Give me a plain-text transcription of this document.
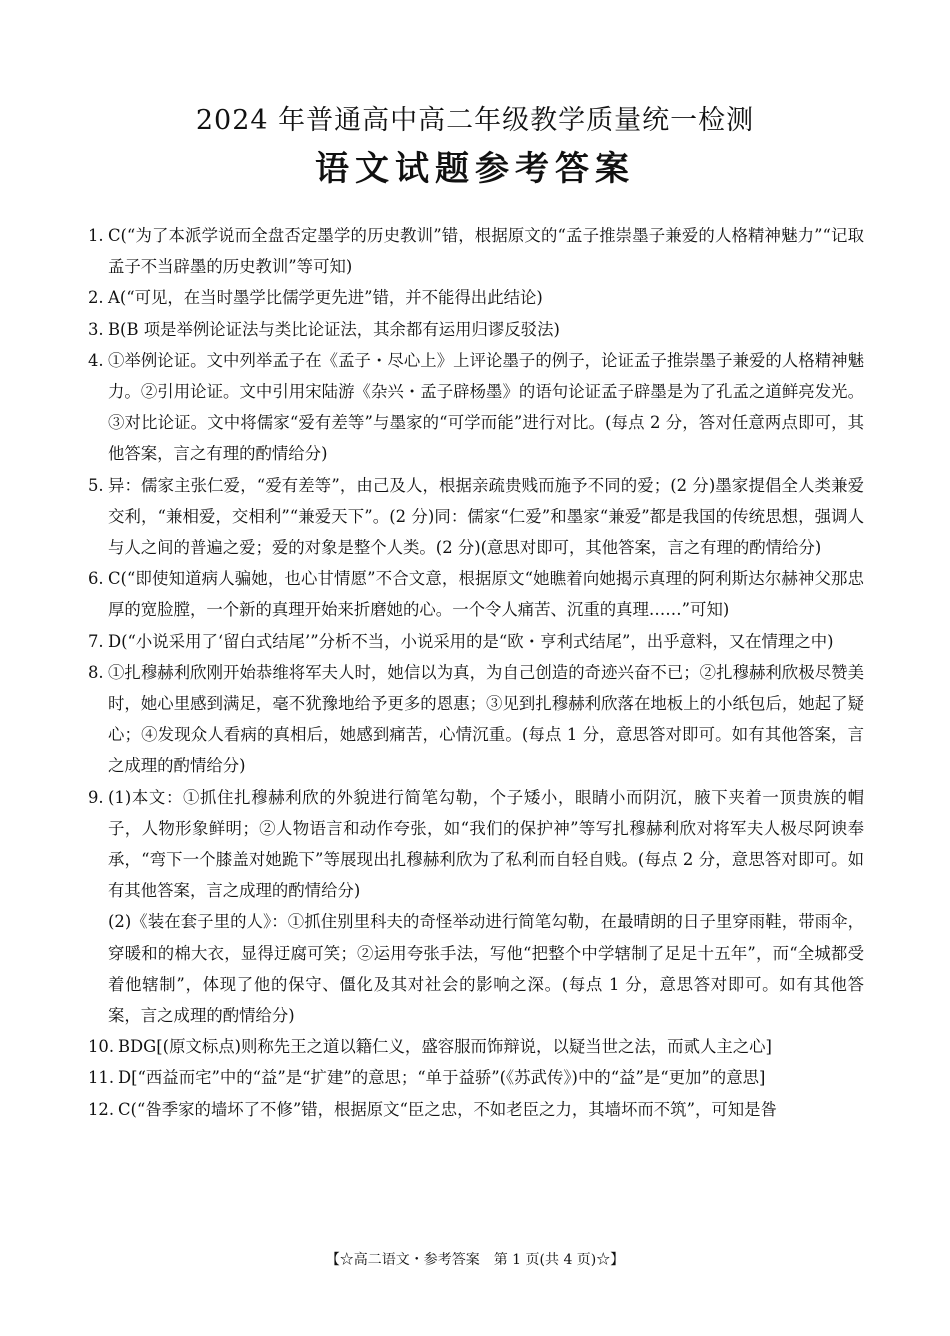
2024 年普通高中高二年级教学质量统一检测
语文试题参考答案
1. C(“为了本派学说而全盘否定墨学的历史教训”错，根据原文的“孟子推崇墨子兼爱的人格精神魅力”“记取孟子不当辟墨的历史教训”等可知)
2. A(“可见，在当时墨学比儒学更先进”错，并不能得出此结论)
3. B(B 项是举例论证法与类比论证法，其余都有运用归谬反驳法)
4. ①举例论证。文中列举孟子在《孟子・尽心上》上评论墨子的例子，论证孟子推崇墨子兼爱的人格精神魅力。②引用论证。文中引用宋陆游《杂兴・孟子辟杨墨》的语句论证孟子辟墨是为了孔孟之道鲜亮发光。③对比论证。文中将儒家“爱有差等”与墨家的“可学而能”进行对比。(每点 2 分，答对任意两点即可，其他答案，言之有理的酌情给分)
5. 异：儒家主张仁爱，“爱有差等”，由己及人，根据亲疏贵贱而施予不同的爱；(2 分)墨家提倡全人类兼爱交利，“兼相爱，交相利”“兼爱天下”。(2 分)同：儒家“仁爱”和墨家“兼爱”都是我国的传统思想，强调人与人之间的普遍之爱；爱的对象是整个人类。(2 分)(意思对即可，其他答案，言之有理的酌情给分)
6. C(“即使知道病人骗她，也心甘情愿”不合文意，根据原文“她瞧着向她揭示真理的阿利斯达尔赫神父那忠厚的宽脸膛，一个新的真理开始来折磨她的心。一个令人痛苦、沉重的真理……”可知)
7. D(“小说采用了‘留白式结尾’”分析不当，小说采用的是“欧・亨利式结尾”，出乎意料，又在情理之中)
8. ①扎穆赫利欣刚开始恭维将军夫人时，她信以为真，为自己创造的奇迹兴奋不已；②扎穆赫利欣极尽赞美时，她心里感到满足，毫不犹豫地给予更多的恩惠；③见到扎穆赫利欣落在地板上的小纸包后，她起了疑心；④发现众人看病的真相后，她感到痛苦，心情沉重。(每点 1 分，意思答对即可。如有其他答案，言之成理的酌情给分)
9. (1)本文：①抓住扎穆赫利欣的外貌进行简笔勾勒，个子矮小，眼睛小而阴沉，腋下夹着一顶贵族的帽子，人物形象鲜明；②人物语言和动作夸张，如“我们的保护神”等写扎穆赫利欣对将军夫人极尽阿谀奉承，“弯下一个膝盖对她跪下”等展现出扎穆赫利欣为了私利而自轻自贱。(每点 2 分，意思答对即可。如有其他答案，言之成理的酌情给分)
(2)《装在套子里的人》：①抓住别里科夫的奇怪举动进行简笔勾勒，在最晴朗的日子里穿雨鞋，带雨伞，穿暖和的棉大衣，显得迂腐可笑；②运用夸张手法，写他“把整个中学辖制了足足十五年”，而“全城都受着他辖制”，体现了他的保守、僵化及其对社会的影响之深。(每点 1 分，意思答对即可。如有其他答案，言之成理的酌情给分)
10. BDG[(原文标点)则称先王之道以籍仁义，盛容服而饰辩说，以疑当世之法，而贰人主之心]
11. D[“西益而宅”中的“益”是“扩建”的意思；“单于益骄”(《苏武传》)中的“益”是“更加”的意思]
12. C(“昝季家的墙坏了不修”错，根据原文“臣之忠，不如老臣之力，其墙坏而不筑”，可知是昝
【☆高二语文・参考答案　第 1 页(共 4 页)☆】
